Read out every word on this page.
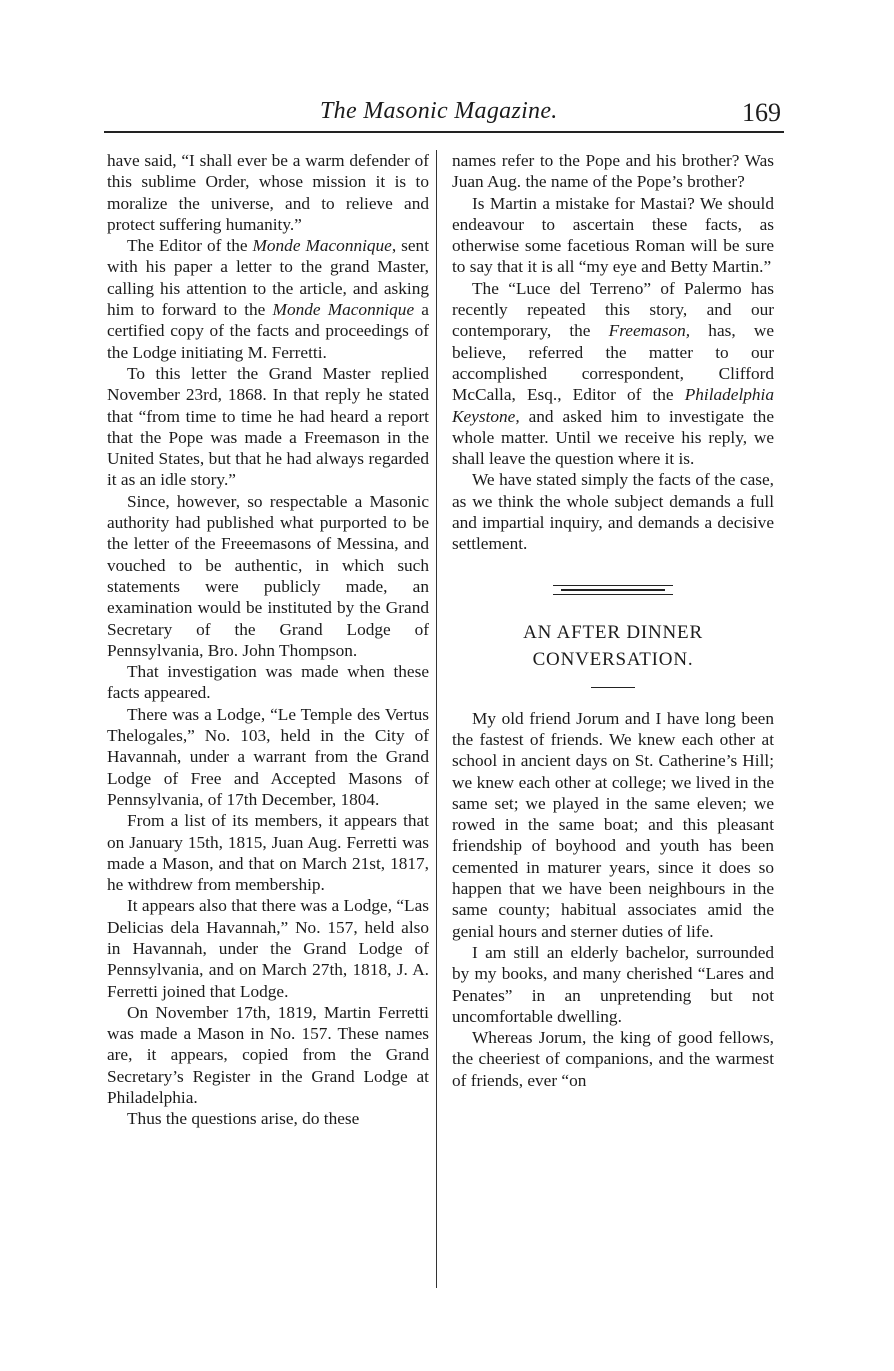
The Masonic Magazine.	169

have said, “I shall ever be a warm defender of this sublime Order, whose mission it is to moralize the universe, and to relieve and protect suffering humanity.”

The Editor of the Monde Maconnique, sent with his paper a letter to the grand Master, calling his attention to the article, and asking him to forward to the Monde Maconnique a certified copy of the facts and proceedings of the Lodge initiating M. Ferretti.

To this letter the Grand Master replied November 23rd, 1868. In that reply he stated that “from time to time he had heard a report that the Pope was made a Freemason in the United States, but that he had always regarded it as an idle story.”

Since, however, so respectable a Masonic authority had published what purported to be the letter of the Freeemasons of Messina, and vouched to be authentic, in which such statements were publicly made, an examination would be instituted by the Grand Secretary of the Grand Lodge of Pennsylvania, Bro. John Thompson.

That investigation was made when these facts appeared.

There was a Lodge, “Le Temple des Vertus Thelogales,” No. 103, held in the City of Havannah, under a warrant from the Grand Lodge of Free and Accepted Masons of Pennsylvania, of 17th December, 1804.

From a list of its members, it appears that on January 15th, 1815, Juan Aug. Ferretti was made a Mason, and that on March 21st, 1817, he withdrew from membership.

It appears also that there was a Lodge, “Las Delicias dela Havannah,” No. 157, held also in Havannah, under the Grand Lodge of Pennsylvania, and on March 27th, 1818, J. A. Ferretti joined that Lodge.

On November 17th, 1819, Martin Ferretti was made a Mason in No. 157. These names are, it appears, copied from the Grand Secretary’s Register in the Grand Lodge at Philadelphia.

Thus the questions arise, do these

names refer to the Pope and his brother? Was Juan Aug. the name of the Pope’s brother?

Is Martin a mistake for Mastai? We should endeavour to ascertain these facts, as otherwise some facetious Roman will be sure to say that it is all “my eye and Betty Martin.”

The “Luce del Terreno” of Palermo has recently repeated this story, and our contemporary, the Freemason, has, we believe, referred the matter to our accomplished correspondent, Clifford McCalla, Esq., Editor of the Philadelphia Keystone, and asked him to investigate the whole matter. Until we receive his reply, we shall leave the question where it is.

We have stated simply the facts of the case, as we think the whole subject demands a full and impartial inquiry, and demands a decisive settlement.

AN AFTER DINNER CONVERSATION.

My old friend Jorum and I have long been the fastest of friends. We knew each other at school in ancient days on St. Catherine’s Hill; we knew each other at college; we lived in the same set; we played in the same eleven; we rowed in the same boat; and this pleasant friendship of boyhood and youth has been cemented in maturer years, since it does so happen that we have been neighbours in the same county; habitual associates amid the genial hours and sterner duties of life.

I am still an elderly bachelor, surrounded by my books, and many cherished “Lares and Penates” in an unpretending but not uncomfortable dwelling.

Whereas Jorum, the king of good fellows, the cheeriest of companions, and the warmest of friends, ever “on
